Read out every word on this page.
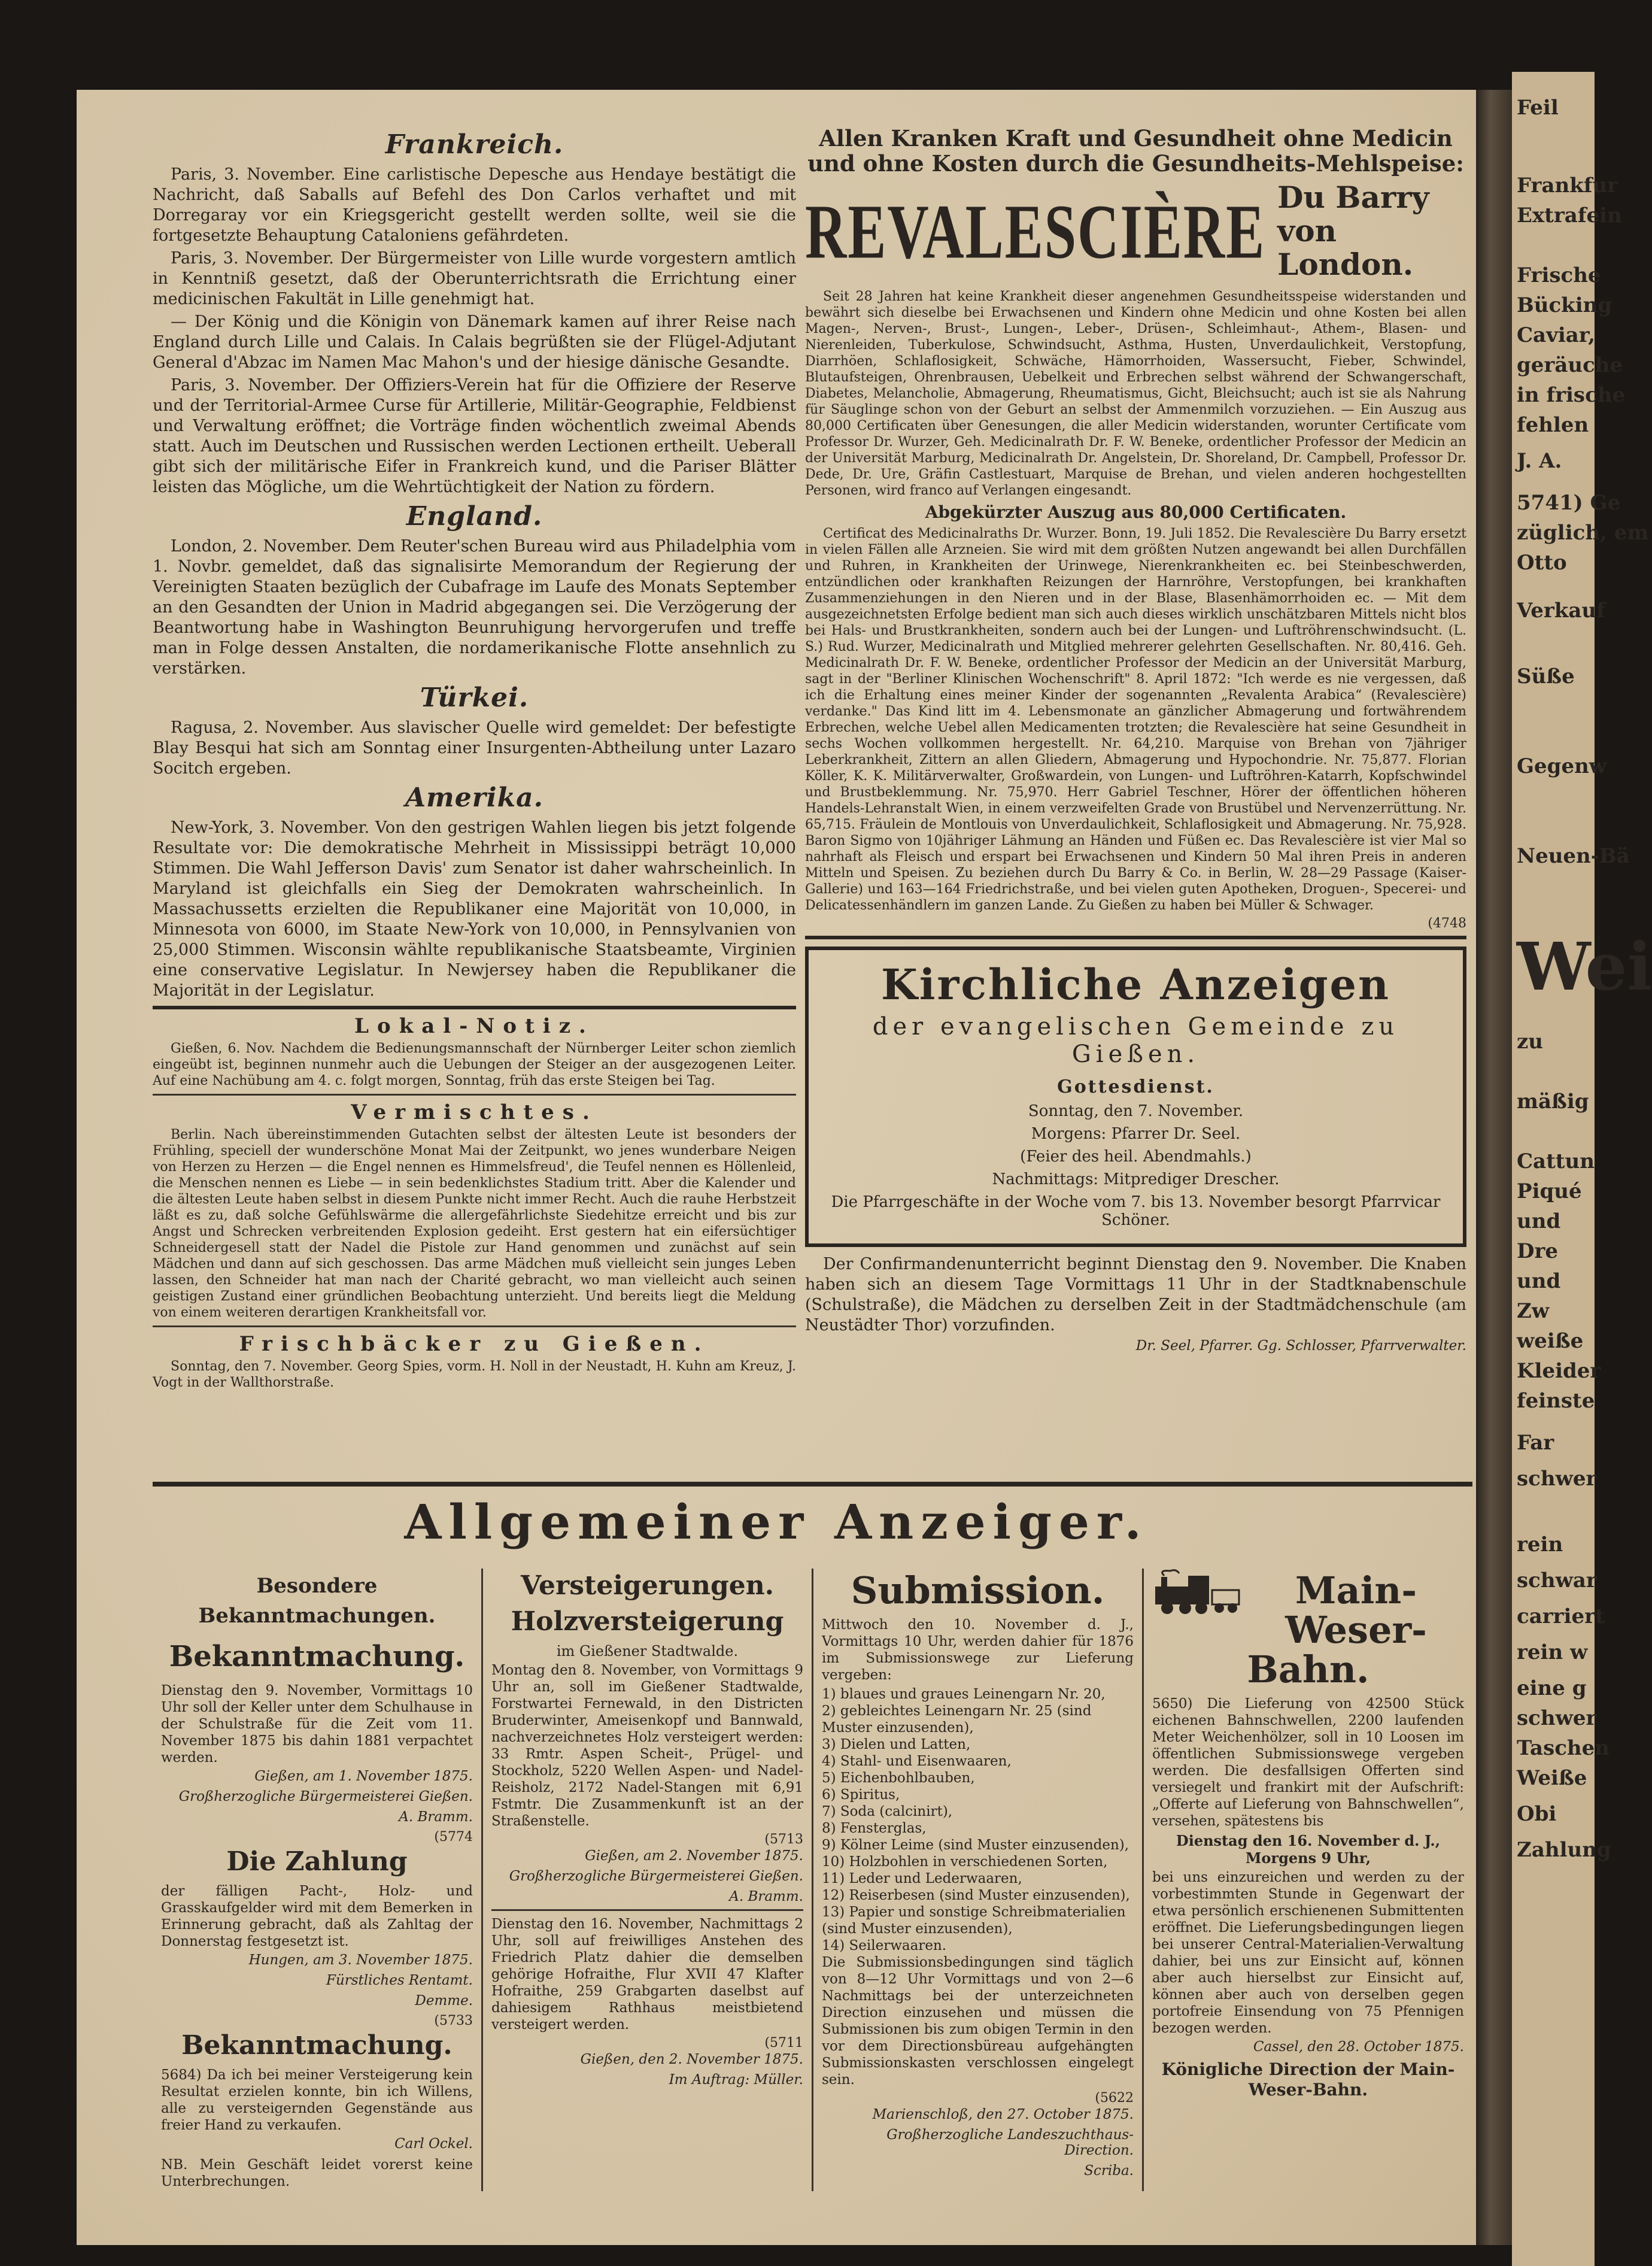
Feil
Frankfur
Extrafein
Frische
Bücking
Caviar,
geräuche
in frische
fehlen
J. A.
5741) Ge
züglich, em
Otto
Verkauf
Süße
Gegenw
Neuen-Bä
Wei
zu
mäßig
Cattun
Piqué
und
Dre
und
Zw
weiße
Kleider
feinste
Far
schwer
rein
schwar
carriert
rein w
eine g
schwer
Taschen
Weiße
Obi
Zahlung
Frankreich.

Paris, 3. November. Eine carlistische Depesche aus Hendaye bestätigt die Nachricht, daß Saballs auf Befehl des Don Carlos verhaftet und mit Dorregaray vor ein Kriegsgericht gestellt werden sollte, weil sie die fortgesetzte Behauptung Cataloniens gefährdeten.

Paris, 3. November. Der Bürgermeister von Lille wurde vorgestern amtlich in Kenntniß gesetzt, daß der Oberunterrichtsrath die Errichtung einer medicinischen Fakultät in Lille genehmigt hat.

— Der König und die Königin von Dänemark kamen auf ihrer Reise nach England durch Lille und Calais. In Calais begrüßten sie der Flügel-Adjutant General d'Abzac im Namen Mac Mahon's und der hiesige dänische Gesandte.

Paris, 3. November. Der Offiziers-Verein hat für die Offiziere der Reserve und der Territorial-Armee Curse für Artillerie, Militär-Geographie, Feldbienst und Verwaltung eröffnet; die Vorträge finden wöchentlich zweimal Abends statt. Auch im Deutschen und Russischen werden Lectionen ertheilt. Ueberall gibt sich der militärische Eifer in Frankreich kund, und die Pariser Blätter leisten das Mögliche, um die Wehrtüchtigkeit der Nation zu fördern.

England.

London, 2. November. Dem Reuter'schen Bureau wird aus Philadelphia vom 1. Novbr. gemeldet, daß das signalisirte Memorandum der Regierung der Vereinigten Staaten bezüglich der Cubafrage im Laufe des Monats September an den Gesandten der Union in Madrid abgegangen sei. Die Verzögerung der Beantwortung habe in Washington Beunruhigung hervorgerufen und treffe man in Folge dessen Anstalten, die nordamerikanische Flotte ansehnlich zu verstärken.

Türkei.

Ragusa, 2. November. Aus slavischer Quelle wird gemeldet: Der befestigte Blay Besqui hat sich am Sonntag einer Insurgenten-Abtheilung unter Lazaro Socitch ergeben.

Amerika.

New-York, 3. November. Von den gestrigen Wahlen liegen bis jetzt folgende Resultate vor: Die demokratische Mehrheit in Mississippi beträgt 10,000 Stimmen. Die Wahl Jefferson Davis' zum Senator ist daher wahrscheinlich. In Maryland ist gleichfalls ein Sieg der Demokraten wahrscheinlich. In Massachussetts erzielten die Republikaner eine Majorität von 10,000, in Minnesota von 6000, im Staate New-York von 10,000, in Pennsylvanien von 25,000 Stimmen. Wisconsin wählte republikanische Staatsbeamte, Virginien eine conservative Legislatur. In Newjersey haben die Republikaner die Majorität in der Legislatur.

Lokal-Notiz.

Gießen, 6. Nov. Nachdem die Bedienungsmannschaft der Nürnberger Leiter schon ziemlich eingeübt ist, beginnen nunmehr auch die Uebungen der Steiger an der ausgezogenen Leiter. Auf eine Nachübung am 4. c. folgt morgen, Sonntag, früh das erste Steigen bei Tag.

Vermischtes.

Berlin. Nach übereinstimmenden Gutachten selbst der ältesten Leute ist besonders der Frühling, speciell der wunderschöne Monat Mai der Zeitpunkt, wo jenes wunderbare Neigen von Herzen zu Herzen — die Engel nennen es Himmelsfreud', die Teufel nennen es Höllenleid, die Menschen nennen es Liebe — in sein bedenklichstes Stadium tritt. Aber die Kalender und die ältesten Leute haben selbst in diesem Punkte nicht immer Recht. Auch die rauhe Herbstzeit läßt es zu, daß solche Gefühlswärme die allergefährlichste Siedehitze erreicht und bis zur Angst und Schrecken verbreitenden Explosion gedeiht. Erst gestern hat ein eifersüchtiger Schneidergesell statt der Nadel die Pistole zur Hand genommen und zunächst auf sein Mädchen und dann auf sich geschossen. Das arme Mädchen muß vielleicht sein junges Leben lassen, den Schneider hat man nach der Charité gebracht, wo man vielleicht auch seinen geistigen Zustand einer gründlichen Beobachtung unterzieht. Und bereits liegt die Meldung von einem weiteren derartigen Krankheitsfall vor.

Frischbäcker zu Gießen.

Sonntag, den 7. November. Georg Spies, vorm. H. Noll in der Neustadt, H. Kuhn am Kreuz, J. Vogt in der Wallthorstraße.

Allen Kranken Kraft und Gesundheit ohne Medicin und ohne Kosten durch die Gesundheits-Mehlspeise:
REVALESCIÈRE Du Barry
von London.

Seit 28 Jahren hat keine Krankheit dieser angenehmen Gesundheitsspeise widerstanden und bewährt sich dieselbe bei Erwachsenen und Kindern ohne Medicin und ohne Kosten bei allen Magen-, Nerven-, Brust-, Lungen-, Leber-, Drüsen-, Schleimhaut-, Athem-, Blasen- und Nierenleiden, Tuberkulose, Schwindsucht, Asthma, Husten, Unverdaulichkeit, Verstopfung, Diarrhöen, Schlaflosigkeit, Schwäche, Hämorrhoiden, Wassersucht, Fieber, Schwindel, Blutaufsteigen, Ohrenbrausen, Uebelkeit und Erbrechen selbst während der Schwangerschaft, Diabetes, Melancholie, Abmagerung, Rheumatismus, Gicht, Bleichsucht; auch ist sie als Nahrung für Säuglinge schon von der Geburt an selbst der Ammenmilch vorzuziehen. — Ein Auszug aus 80,000 Certificaten über Genesungen, die aller Medicin widerstanden, worunter Certificate vom Professor Dr. Wurzer, Geh. Medicinalrath Dr. F. W. Beneke, ordentlicher Professor der Medicin an der Universität Marburg, Medicinalrath Dr. Angelstein, Dr. Shoreland, Dr. Campbell, Professor Dr. Dede, Dr. Ure, Gräfin Castlestuart, Marquise de Brehan, und vielen anderen hochgestellten Personen, wird franco auf Verlangen eingesandt.

Abgekürzter Auszug aus 80,000 Certificaten.

Certificat des Medicinalraths Dr. Wurzer. Bonn, 19. Juli 1852. Die Revalescière Du Barry ersetzt in vielen Fällen alle Arzneien. Sie wird mit dem größten Nutzen angewandt bei allen Durchfällen und Ruhren, in Krankheiten der Urinwege, Nierenkrankheiten ec. bei Steinbeschwerden, entzündlichen oder krankhaften Reizungen der Harnröhre, Verstopfungen, bei krankhaften Zusammenziehungen in den Nieren und in der Blase, Blasenhämorrhoiden ec. — Mit dem ausgezeichnetsten Erfolge bedient man sich auch dieses wirklich unschätzbaren Mittels nicht blos bei Hals- und Brustkrankheiten, sondern auch bei der Lungen- und Luftröhrenschwindsucht. (L. S.) Rud. Wurzer, Medicinalrath und Mitglied mehrerer gelehrten Gesellschaften. Nr. 80,416. Geh. Medicinalrath Dr. F. W. Beneke, ordentlicher Professor der Medicin an der Universität Marburg, sagt in der "Berliner Klinischen Wochenschrift" 8. April 1872: "Ich werde es nie vergessen, daß ich die Erhaltung eines meiner Kinder der sogenannten „Revalenta Arabica“ (Revalescière) verdanke." Das Kind litt im 4. Lebensmonate an gänzlicher Abmagerung und fortwährendem Erbrechen, welche Uebel allen Medicamenten trotzten; die Revalescière hat seine Gesundheit in sechs Wochen vollkommen hergestellt. Nr. 64,210. Marquise von Brehan von 7jähriger Leberkrankheit, Zittern an allen Gliedern, Abmagerung und Hypochondrie. Nr. 75,877. Florian Köller, K. K. Militärverwalter, Großwardein, von Lungen- und Luftröhren-Katarrh, Kopfschwindel und Brustbeklemmung. Nr. 75,970. Herr Gabriel Teschner, Hörer der öffentlichen höheren Handels-Lehranstalt Wien, in einem verzweifelten Grade von Brustübel und Nervenzerrüttung. Nr. 65,715. Fräulein de Montlouis von Unverdaulichkeit, Schlaflosigkeit und Abmagerung. Nr. 75,928. Baron Sigmo von 10jähriger Lähmung an Händen und Füßen ec. Das Revalescière ist vier Mal so nahrhaft als Fleisch und erspart bei Erwachsenen und Kindern 50 Mal ihren Preis in anderen Mitteln und Speisen. Zu beziehen durch Du Barry & Co. in Berlin, W. 28—29 Passage (Kaiser-Gallerie) und 163—164 Friedrichstraße, und bei vielen guten Apotheken, Droguen-, Specerei- und Delicatessenhändlern im ganzen Lande. Zu Gießen zu haben bei Müller & Schwager.

(4748
Kirchliche Anzeigen
der evangelischen Gemeinde zu Gießen.
Gottesdienst.
Sonntag, den 7. November.
Morgens: Pfarrer Dr. Seel.
(Feier des heil. Abendmahls.)
Nachmittags: Mitprediger Drescher.
Die Pfarrgeschäfte in der Woche vom 7. bis 13. November besorgt Pfarrvicar Schöner.

Der Confirmandenunterricht beginnt Dienstag den 9. November. Die Knaben haben sich an diesem Tage Vormittags 11 Uhr in der Stadtknabenschule (Schulstraße), die Mädchen zu derselben Zeit in der Stadtmädchenschule (am Neustädter Thor) vorzufinden.

Dr. Seel, Pfarrer. Gg. Schlosser, Pfarrverwalter.
Allgemeiner Anzeiger.
Besondere Bekanntmachungen.
Bekanntmachung.

Dienstag den 9. November, Vormittags 10 Uhr soll der Keller unter dem Schulhause in der Schulstraße für die Zeit vom 11. November 1875 bis dahin 1881 verpachtet werden.

Gießen, am 1. November 1875.
Großherzogliche Bürgermeisterei Gießen.
A. Bramm.
(5774
Die Zahlung

der fälligen Pacht-, Holz- und Grasskaufgelder wird mit dem Bemerken in Erinnerung gebracht, daß als Zahltag der Donnerstag festgesetzt ist.

Hungen, am 3. November 1875.
Fürstliches Rentamt.
Demme.
(5733
Bekanntmachung.

5684) Da ich bei meiner Versteigerung kein Resultat erzielen konnte, bin ich Willens, alle zu versteigernden Gegenstände aus freier Hand zu verkaufen.

Carl Ockel.

NB. Mein Geschäft leidet vorerst keine Unterbrechungen.

Versteigerungen.
Holzversteigerung
im Gießener Stadtwalde.

Montag den 8. November, von Vormittags 9 Uhr an, soll im Gießener Stadtwalde, Forstwartei Fernewald, in den Districten Bruderwinter, Ameisenkopf und Bannwald, nachverzeichnetes Holz versteigert werden: 33 Rmtr. Aspen Scheit-, Prügel- und Stockholz, 5220 Wellen Aspen- und Nadel-Reisholz, 2172 Nadel-Stangen mit 6,91 Fstmtr. Die Zusammenkunft ist an der Straßenstelle.

(5713
Gießen, am 2. November 1875.
Großherzogliche Bürgermeisterei Gießen.
A. Bramm.

Dienstag den 16. November, Nachmittags 2 Uhr, soll auf freiwilliges Anstehen des Friedrich Platz dahier die demselben gehörige Hofraithe, Flur XVII 47 Klafter Hofraithe, 259 Grabgarten daselbst auf dahiesigem Rathhaus meistbietend versteigert werden.

(5711
Gießen, den 2. November 1875.
Im Auftrag: Müller.
Submission.

Mittwoch den 10. November d. J., Vormittags 10 Uhr, werden dahier für 1876 im Submissionswege zur Lieferung vergeben:

1) blaues und graues Leinengarn Nr. 20,
2) gebleichtes Leinengarn Nr. 25 (sind Muster einzusenden),
3) Dielen und Latten,
4) Stahl- und Eisenwaaren,
5) Eichenbohlbauben,
6) Spiritus,
7) Soda (calcinirt),
8) Fensterglas,
9) Kölner Leime (sind Muster einzusenden),
10) Holzbohlen in verschiedenen Sorten,
11) Leder und Lederwaaren,
12) Reiserbesen (sind Muster einzusenden),
13) Papier und sonstige Schreibmaterialien (sind Muster einzusenden),
14) Seilerwaaren.

Die Submissionsbedingungen sind täglich von 8—12 Uhr Vormittags und von 2—6 Nachmittags bei der unterzeichneten Direction einzusehen und müssen die Submissionen bis zum obigen Termin in den vor dem Directionsbüreau aufgehängten Submissionskasten verschlossen eingelegt sein.

(5622
Marienschloß, den 27. October 1875.
Großherzogliche Landeszuchthaus-Direction.
Scriba.
Main-Weser-
Bahn.

5650) Die Lieferung von 42500 Stück eichenen Bahnschwellen, 2200 laufenden Meter Weichenhölzer, soll in 10 Loosen im öffentlichen Submissionswege vergeben werden. Die desfallsigen Offerten sind versiegelt und frankirt mit der Aufschrift: „Offerte auf Lieferung von Bahnschwellen“, versehen, spätestens bis

Dienstag den 16. November d. J., Morgens 9 Uhr,

bei uns einzureichen und werden zu der vorbestimmten Stunde in Gegenwart der etwa persönlich erschienenen Submittenten eröffnet. Die Lieferungsbedingungen liegen bei unserer Central-Materialien-Verwaltung dahier, bei uns zur Einsicht auf, können aber auch hierselbst zur Einsicht auf, können aber auch von derselben gegen portofreie Einsendung von 75 Pfennigen bezogen werden.

Cassel, den 28. October 1875.
Königliche Direction der Main-Weser-Bahn.
